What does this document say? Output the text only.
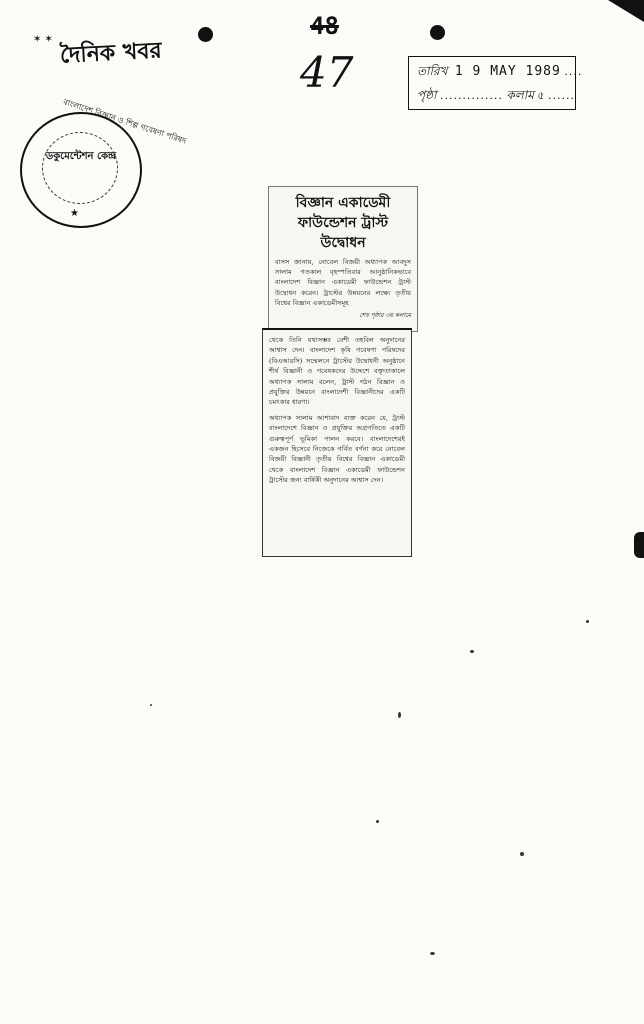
✶ ✶ দৈনিক খবর
48
47	তারিখ 1 9 MAY 1989 ....
পৃষ্ঠা .............. কলাম ৫ ......
বাংলাদেশ বিজ্ঞান ও শিল্প গবেষণা পরিষদ
ডকুমেন্টেশন কেন্দ্র
★
বিজ্ঞান একাডেমী ফাউন্ডেশন ট্রাস্ট উদ্বোধন

বাসস জানায়, নোবেল বিজয়ী অধ্যাপক আবদুস সালাম গতকাল বৃহস্পতিবার আনুষ্ঠানিকভাবে বাংলাদেশ বিজ্ঞান একাডেমী ফাউন্ডেশন ট্রাস্ট উদ্বোধন করেন। ট্রাস্টের উন্নয়নের লক্ষ্যে তৃতীয় বিশ্বের বিজ্ঞান একাডেমীসমূহ

শেষ পৃষ্ঠার ৩য় কলামে

থেকে তিনি যথাসম্ভব বেশী তহবিল অনুদানের আশ্বাস দেন। বাংলাদেশ কৃষি গবেষণা পরিষদের (বিএআরসি) সম্মেলনে ট্রাস্টের উদ্বোধনী অনুষ্ঠানে শীর্ষ বিজ্ঞানী ও গবেষকদের উদ্দেশে বক্তৃতাকালে অধ্যাপক সালাম বলেন, ট্রাস্ট গঠন বিজ্ঞান ও প্রযুক্তির উন্নয়নে বাংলাদেশী বিজ্ঞানীদের একটি চমৎকার ধারণা।

অধ্যাপক সালাম আশাবাদ ব্যক্ত করেন যে, ট্রাস্ট বাংলাদেশে বিজ্ঞান ও প্রযুক্তির অগ্রগতিতে একটি গুরুত্বপূর্ণ ভূমিকা পালন করবে। বাংলাদেশেরই একজন হিসেবে নিজেকে গর্বিত বর্ণনা করে নোবেল বিজয়ী বিজ্ঞানী তৃতীয় বিশ্বের বিজ্ঞান একাডেমী থেকে বাংলাদেশ বিজ্ঞান একাডেমী ফাউন্ডেশন ট্রাস্টের জন্য বার্ষিকী অনুদানের আশ্বাস দেন।
